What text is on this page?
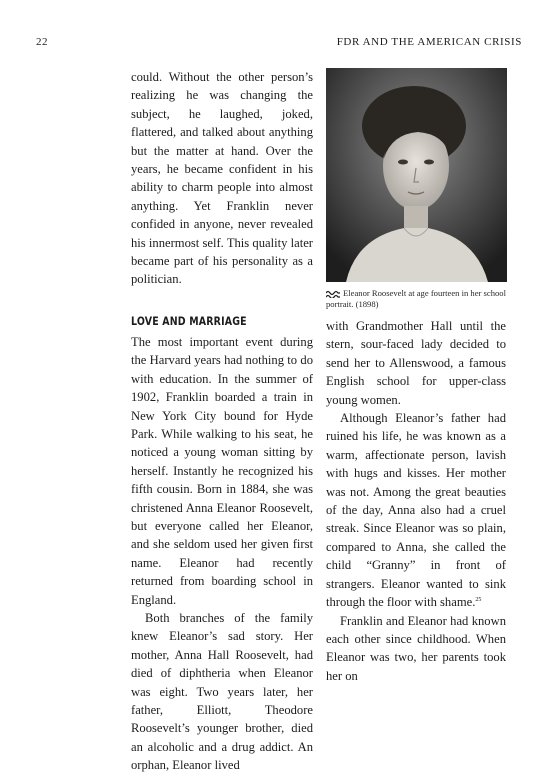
22	FDR AND THE AMERICAN CRISIS

could. Without the other person’s realizing he was changing the subject, he laughed, joked, flattered, and talked about anything but the matter at hand. Over the years, he became confident in his ability to charm people into almost anything. Yet Franklin never confided in anyone, never revealed his innermost self. This quality later became part of his personality as a politician.

LOVE AND MARRIAGE

The most important event during the Harvard years had nothing to do with education. In the summer of 1902, Franklin boarded a train in New York City bound for Hyde Park. While walking to his seat, he noticed a young woman sitting by herself. Instantly he recognized his fifth cousin. Born in 1884, she was christened Anna Eleanor Roosevelt, but everyone called her Eleanor, and she seldom used her given first name. Eleanor had recently returned from boarding school in England.

Both branches of the family knew Eleanor’s sad story. Her mother, Anna Hall Roosevelt, had died of diphtheria when Eleanor was eight. Two years later, her father, Elliott, Theodore Roosevelt’s younger brother, died an alcoholic and a drug addict. An orphan, Eleanor lived

Eleanor Roosevelt at age fourteen in her school portrait. (1898)

with Grandmother Hall until the stern, sour-faced lady decided to send her to Allenswood, a famous English school for upper-class young women.

Although Eleanor’s father had ruined his life, he was known as a warm, affectionate person, lavish with hugs and kisses. Her mother was not. Among the great beauties of the day, Anna also had a cruel streak. Since Eleanor was so plain, compared to Anna, she called the child “Granny” in front of strangers. Eleanor wanted to sink through the floor with shame.$^{25}$

Franklin and Eleanor had known each other since childhood. When Eleanor was two, her parents took her on
